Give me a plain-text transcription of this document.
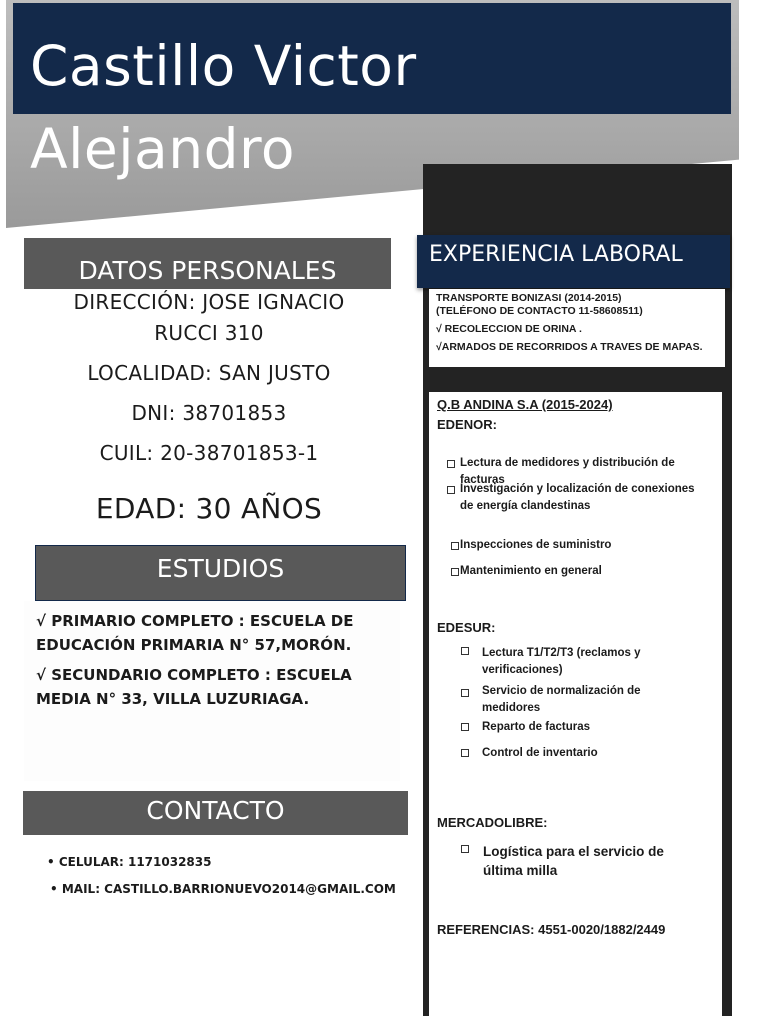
Castillo Victor
Alejandro
EXPERIENCIA LABORAL
TRANSPORTE BONIZASI (2014-2015)
(TELÉFONO DE CONTACTO 11-58608511)
√ RECOLECCION DE ORINA .
√ARMADOS DE RECORRIDOS A TRAVES DE MAPAS.
Q.B ANDINA S.A (2015-2024)
EDENOR:
Lectura de medidores y distribución de facturas
Investigación y localización de conexiones de energía clandestinas
Inspecciones de suministro
Mantenimiento en general
EDESUR:
Lectura T1/T2/T3 (reclamos y verificaciones)
Servicio de normalización de medidores
Reparto de facturas
Control de inventario
MERCADOLIBRE:
Logística para el servicio de última milla
REFERENCIAS: 4551-0020/1882/2449
DATOS PERSONALES
DIRECCIÓN: JOSE IGNACIO
RUCCI 310
LOCALIDAD: SAN JUSTO
DNI: 38701853
CUIL: 20-38701853-1
EDAD: 30 AÑOS
ESTUDIOS
√ PRIMARIO COMPLETO : ESCUELA DE EDUCACIÓN PRIMARIA N° 57,MORÓN.
√ SECUNDARIO COMPLETO : ESCUELA MEDIA N° 33, VILLA LUZURIAGA.
CONTACTO
• CELULAR: 1171032835
• MAIL: CASTILLO.BARRIONUEVO2014@GMAIL.COM
